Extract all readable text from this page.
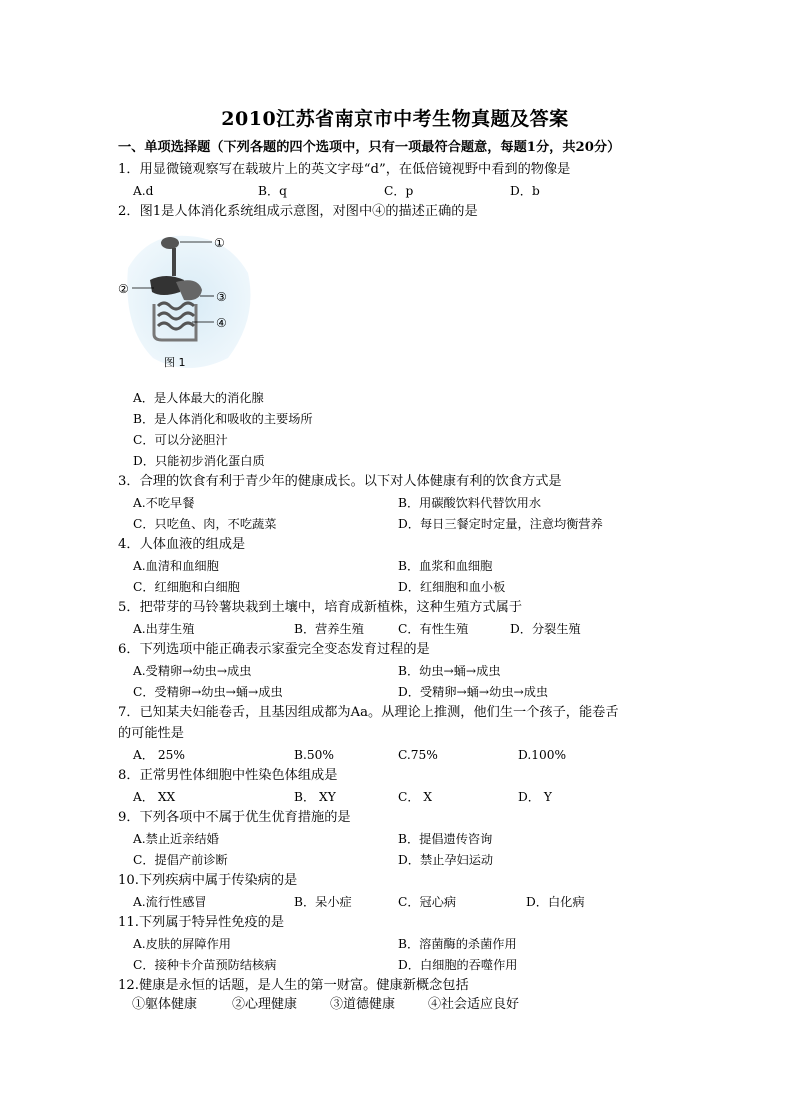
2010江苏省南京市中考生物真题及答案
一、单项选择题（下列各题的四个选项中，只有一项最符合题意，每题1分，共20分）
1．用显微镜观察写在载玻片上的英文字母“d”，在低倍镜视野中看到的物像是
A.d	B．q	C．p	D．b
2．图1是人体消化系统组成示意图，对图中④的描述正确的是
①
②
③
④
图 1
A．是人体最大的消化腺
B．是人体消化和吸收的主要场所
C．可以分泌胆汁
D．只能初步消化蛋白质
3．合理的饮食有利于青少年的健康成长。以下对人体健康有利的饮食方式是
A.不吃早餐	B．用碳酸饮料代替饮用水
C．只吃鱼、肉，不吃蔬菜	D．每日三餐定时定量，注意均衡营养
4．人体血液的组成是
A.血清和血细胞	B．血浆和血细胞
C．红细胞和白细胞	D．红细胞和血小板
5．把带芽的马铃薯块栽到土壤中，培育成新植株，这种生殖方式属于
A.出芽生殖	B．营养生殖	C．有性生殖	D．分裂生殖
6．下列选项中能正确表示家蚕完全变态发育过程的是
A.受精卵→幼虫→成虫	B．幼虫→蛹→成虫
C．受精卵→幼虫→蛹→成虫	D．受精卵→蛹→幼虫→成虫
7．已知某夫妇能卷舌，且基因组成都为Aa。从理论上推测，他们生一个孩子，能卷舌
的可能性是
A． 25%	B.50%	C.75%	D.100%
8．正常男性体细胞中性染色体组成是
A． XX	B． XY	C． X	D． Y
9．下列各项中不属于优生优育措施的是
A.禁止近亲结婚	B．提倡遗传咨询
C．提倡产前诊断	D．禁止孕妇运动
10.下列疾病中属于传染病的是
A.流行性感冒	B．呆小症	C．冠心病	D．白化病
11.下列属于特异性免疫的是
A.皮肤的屏障作用	B．溶菌酶的杀菌作用
C．接种卡介苗预防结核病	D．白细胞的吞噬作用
12.健康是永恒的话题，是人生的第一财富。健康新概念包括
①躯体健康	②心理健康	③道德健康	④社会适应良好
